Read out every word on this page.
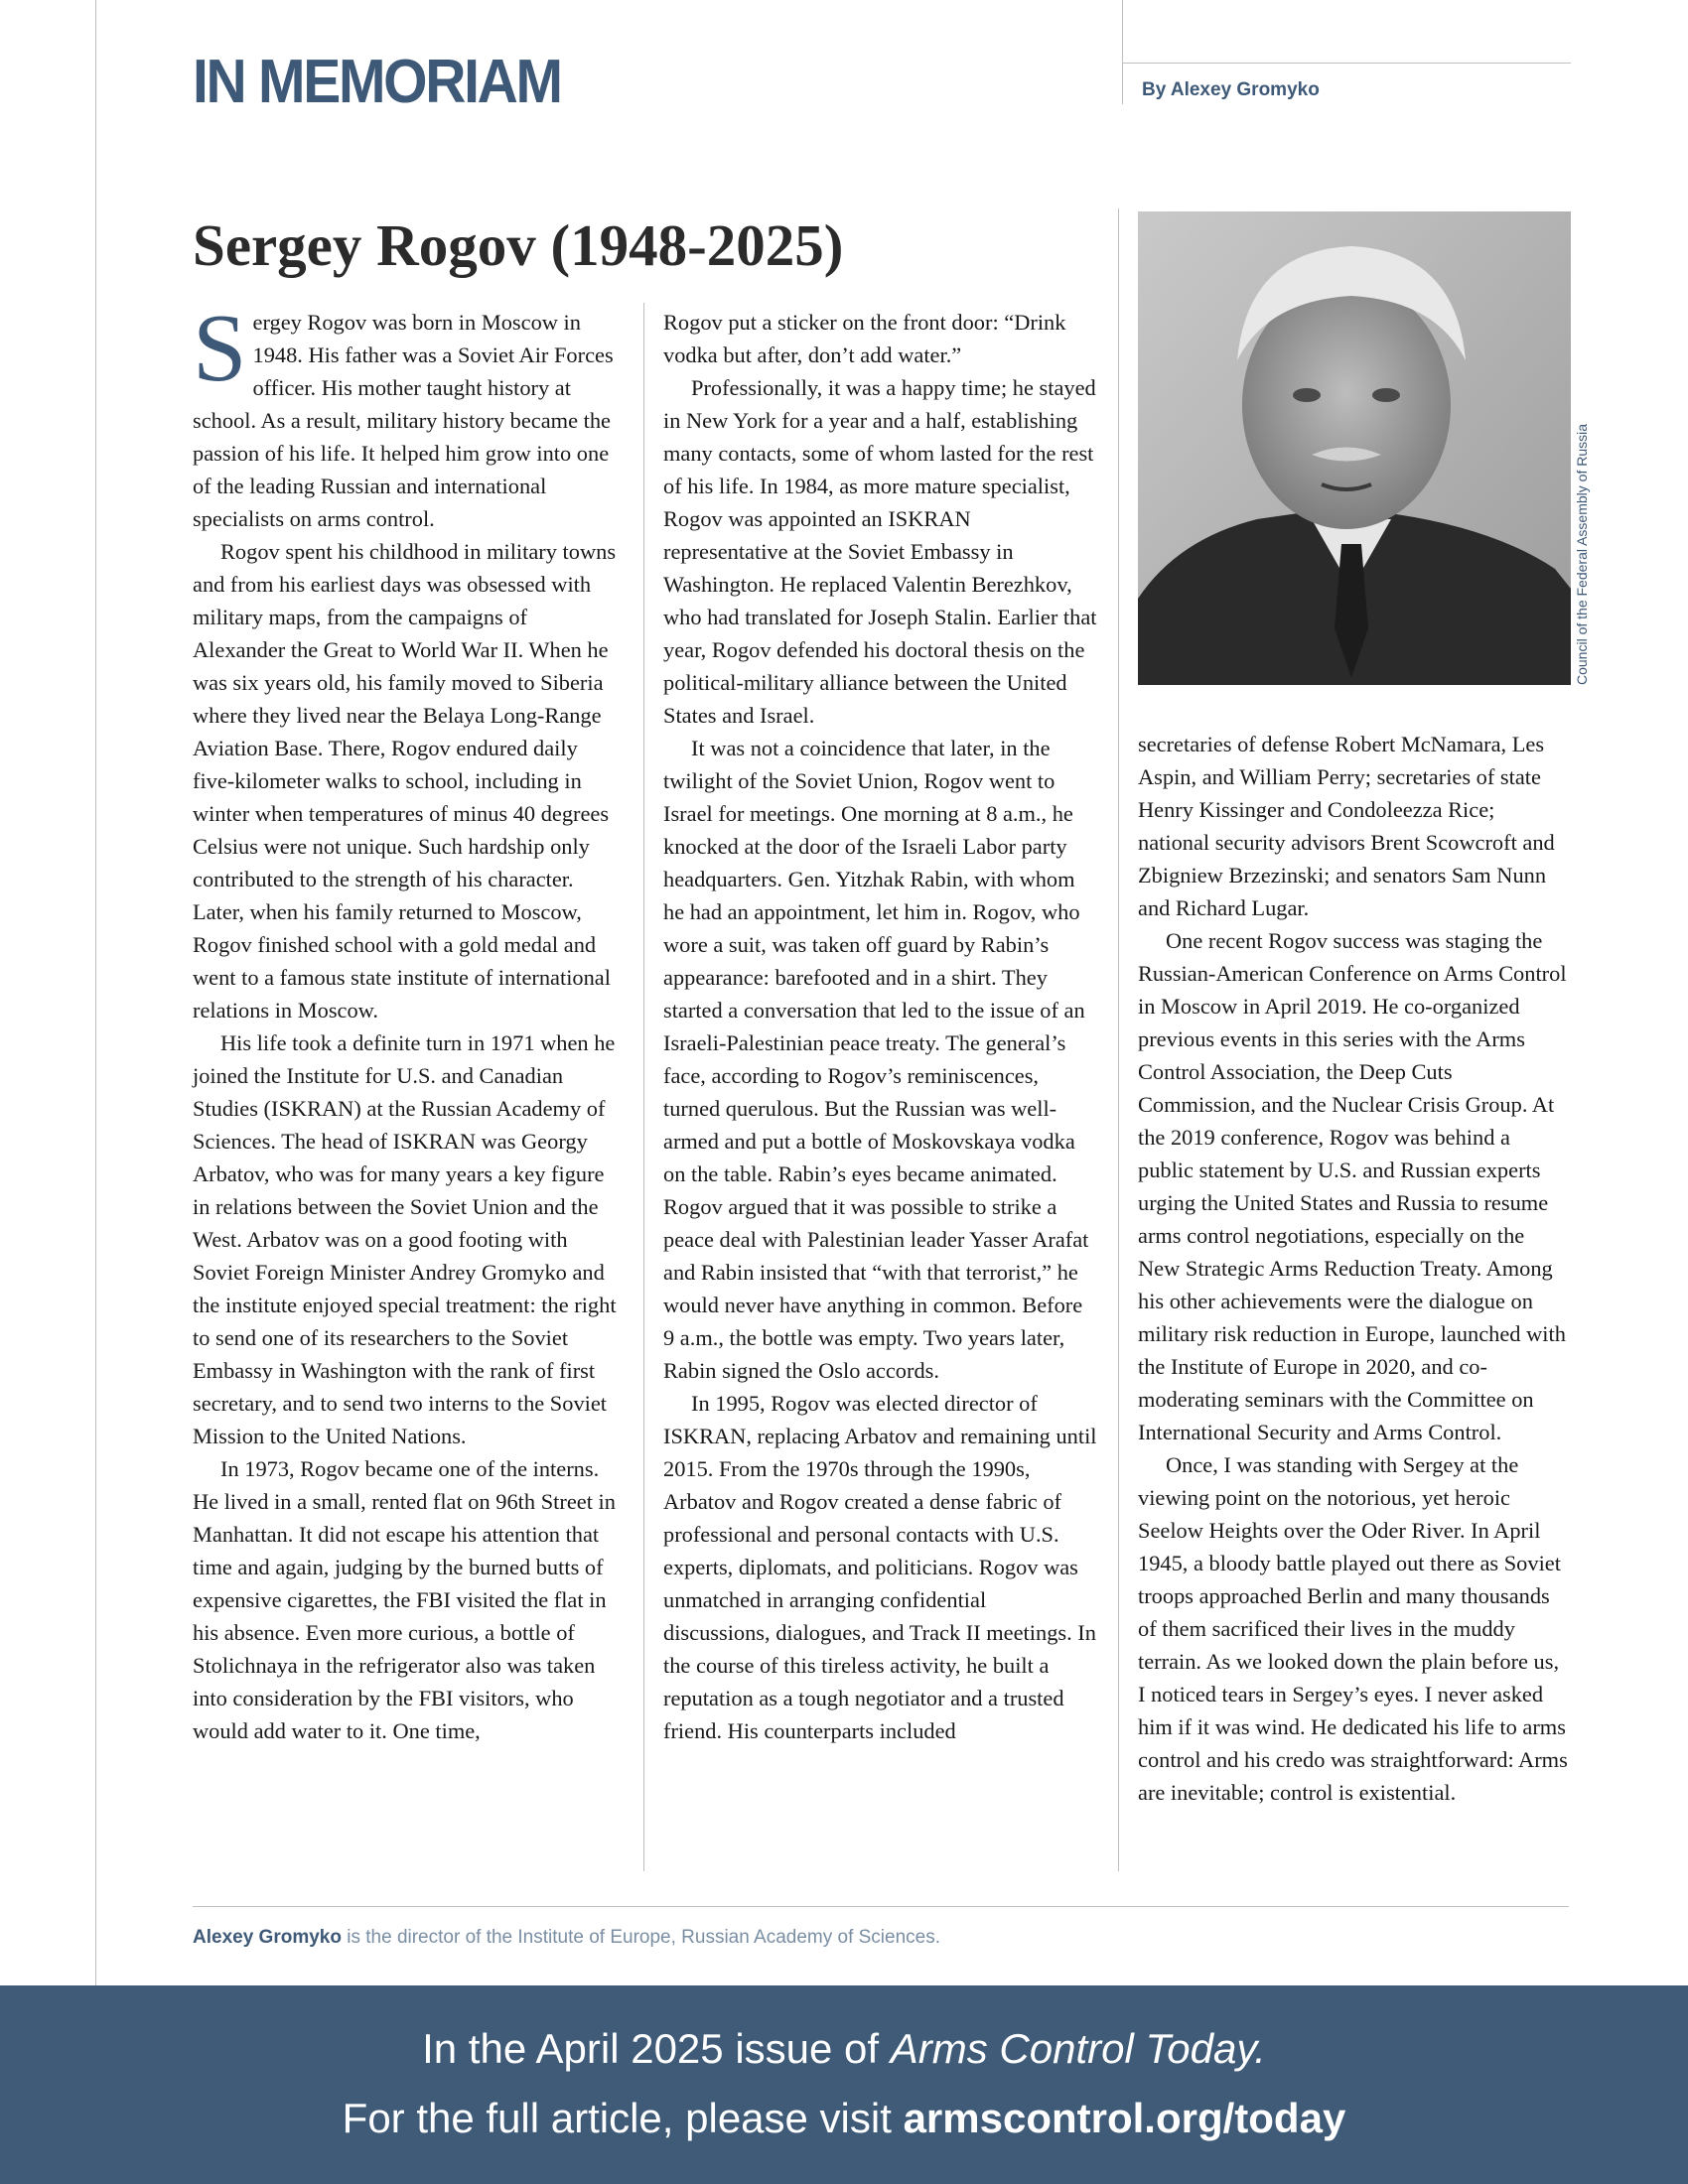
IN MEMORIAM	By Alexey Gromyko
Sergey Rogov (1948-2025)

Sergey Rogov was born in Moscow in 1948. His father was a Soviet Air Forces officer. His mother taught history at school. As a result, military history became the passion of his life. It helped him grow into one of the leading Russian and international specialists on arms control.

Rogov spent his childhood in military towns and from his earliest days was obsessed with military maps, from the campaigns of Alexander the Great to World War II. When he was six years old, his family moved to Siberia where they lived near the Belaya Long-Range Aviation Base. There, Rogov endured daily five-kilometer walks to school, including in winter when temperatures of minus 40 degrees Celsius were not unique. Such hardship only contributed to the strength of his character. Later, when his family returned to Moscow, Rogov finished school with a gold medal and went to a famous state institute of international relations in Moscow.

His life took a definite turn in 1971 when he joined the Institute for U.S. and Canadian Studies (ISKRAN) at the Russian Academy of Sciences. The head of ISKRAN was Georgy Arbatov, who was for many years a key figure in relations between the Soviet Union and the West. Arbatov was on a good footing with Soviet Foreign Minister Andrey Gromyko and the institute enjoyed special treatment: the right to send one of its researchers to the Soviet Embassy in Washington with the rank of first secretary, and to send two interns to the Soviet Mission to the United Nations.

In 1973, Rogov became one of the interns. He lived in a small, rented flat on 96th Street in Manhattan. It did not escape his attention that time and again, judging by the burned butts of expensive cigarettes, the FBI visited the flat in his absence. Even more curious, a bottle of Stolichnaya in the refrigerator also was taken into consideration by the FBI visitors, who would add water to it. One time,

Rogov put a sticker on the front door: “Drink vodka but after, don’t add water.”

Professionally, it was a happy time; he stayed in New York for a year and a half, establishing many contacts, some of whom lasted for the rest of his life. In 1984, as more mature specialist, Rogov was appointed an ISKRAN representative at the Soviet Embassy in Washington. He replaced Valentin Berezhkov, who had translated for Joseph Stalin. Earlier that year, Rogov defended his doctoral thesis on the political-military alliance between the United States and Israel.

It was not a coincidence that later, in the twilight of the Soviet Union, Rogov went to Israel for meetings. One morning at 8 a.m., he knocked at the door of the Israeli Labor party headquarters. Gen. Yitzhak Rabin, with whom he had an appointment, let him in. Rogov, who wore a suit, was taken off guard by Rabin’s appearance: barefooted and in a shirt. They started a conversation that led to the issue of an Israeli-Palestinian peace treaty. The general’s face, according to Rogov’s reminiscences, turned querulous. But the Russian was well-armed and put a bottle of Moskovskaya vodka on the table. Rabin’s eyes became animated. Rogov argued that it was possible to strike a peace deal with Palestinian leader Yasser Arafat and Rabin insisted that “with that terrorist,” he would never have anything in common. Before 9 a.m., the bottle was empty. Two years later, Rabin signed the Oslo accords.

In 1995, Rogov was elected director of ISKRAN, replacing Arbatov and remaining until 2015. From the 1970s through the 1990s, Arbatov and Rogov created a dense fabric of professional and personal contacts with U.S. experts, diplomats, and politicians. Rogov was unmatched in arranging confidential discussions, dialogues, and Track II meetings. In the course of this tireless activity, he built a reputation as a tough negotiator and a trusted friend. His counterparts included

Council of the Federal Assembly of Russia

secretaries of defense Robert McNamara, Les Aspin, and William Perry; secretaries of state Henry Kissinger and Condoleezza Rice; national security advisors Brent Scowcroft and Zbigniew Brzezinski; and senators Sam Nunn and Richard Lugar.

One recent Rogov success was staging the Russian-American Conference on Arms Control in Moscow in April 2019. He co-organized previous events in this series with the Arms Control Association, the Deep Cuts Commission, and the Nuclear Crisis Group. At the 2019 conference, Rogov was behind a public statement by U.S. and Russian experts urging the United States and Russia to resume arms control negotiations, especially on the New Strategic Arms Reduction Treaty. Among his other achievements were the dialogue on military risk reduction in Europe, launched with the Institute of Europe in 2020, and co-moderating seminars with the Committee on International Security and Arms Control.

Once, I was standing with Sergey at the viewing point on the notorious, yet heroic Seelow Heights over the Oder River. In April 1945, a bloody battle played out there as Soviet troops approached Berlin and many thousands of them sacrificed their lives in the muddy terrain. As we looked down the plain before us, I noticed tears in Sergey’s eyes. I never asked him if it was wind. He dedicated his life to arms control and his credo was straightforward: Arms are inevitable; control is existential.

Alexey Gromyko is the director of the Institute of Europe, Russian Academy of Sciences.
In the April 2025 issue of Arms Control Today.
For the full article, please visit armscontrol.org/today
